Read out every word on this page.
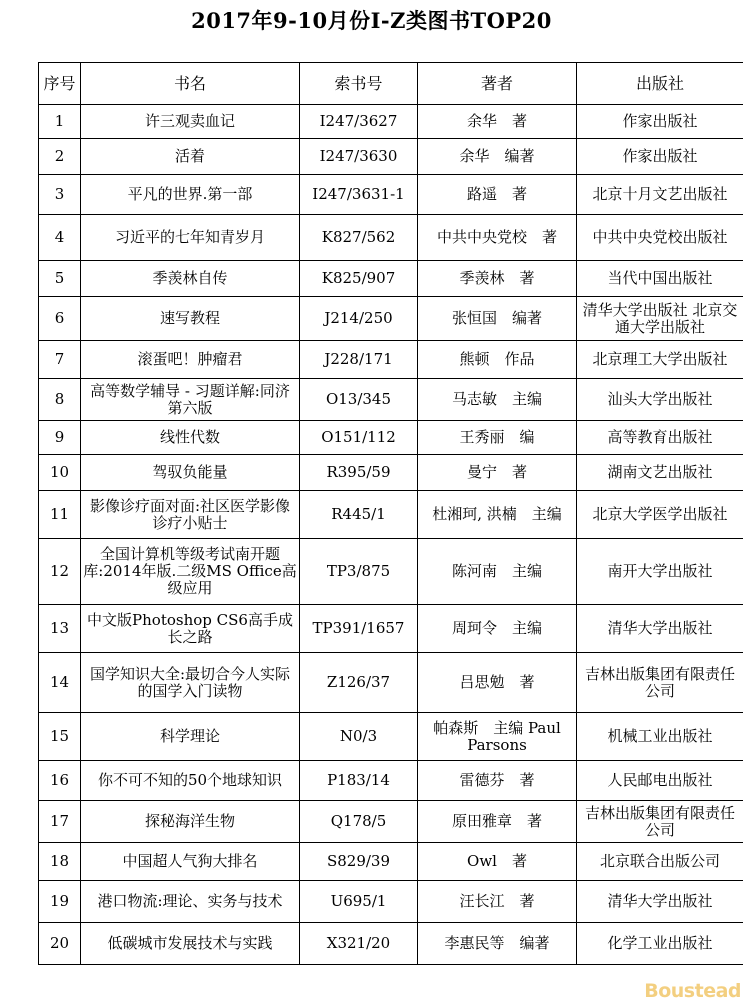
2017年9-10月份I-Z类图书TOP20
序号	书名	索书号	著者	出版社
1	许三观卖血记	I247/3627	余华　著	作家出版社
2	活着	I247/3630	余华　编著	作家出版社
3	平凡的世界.第一部	I247/3631-1	路遥　著	北京十月文艺出版社
4	习近平的七年知青岁月	K827/562	中共中央党校　著	中共中央党校出版社
5	季羡林自传	K825/907	季羡林　著	当代中国出版社
6	速写教程	J214/250	张恒国　编著	清华大学出版社 北京交通大学出版社
7	滚蛋吧！肿瘤君	J228/171	熊顿　作品	北京理工大学出版社
8	高等数学辅导 - 习题详解:同济第六版	O13/345	马志敏　主编	汕头大学出版社
9	线性代数	O151/112	王秀丽　编	高等教育出版社
10	驾驭负能量	R395/59	曼宁　著	湖南文艺出版社
11	影像诊疗面对面:社区医学影像诊疗小贴士	R445/1	杜湘珂, 洪楠　主编	北京大学医学出版社
12	全国计算机等级考试南开题库:2014年版.二级MS Office高级应用	TP3/875	陈河南　主编	南开大学出版社
13	中文版Photoshop CS6高手成长之路	TP391/1657	周珂令　主编	清华大学出版社
14	国学知识大全:最切合今人实际的国学入门读物	Z126/37	吕思勉　著	吉林出版集团有限责任公司
15	科学理论	N0/3	帕森斯　主编 Paul Parsons	机械工业出版社
16	你不可不知的50个地球知识	P183/14	雷德芬　著	人民邮电出版社
17	探秘海洋生物	Q178/5	原田雅章　著	吉林出版集团有限责任公司
18	中国超人气狗大排名	S829/39	Owl　著	北京联合出版公司
19	港口物流:理论、实务与技术	U695/1	汪长江　著	清华大学出版社
20	低碳城市发展技术与实践	X321/20	李惠民等　编著	化学工业出版社
Boustead
